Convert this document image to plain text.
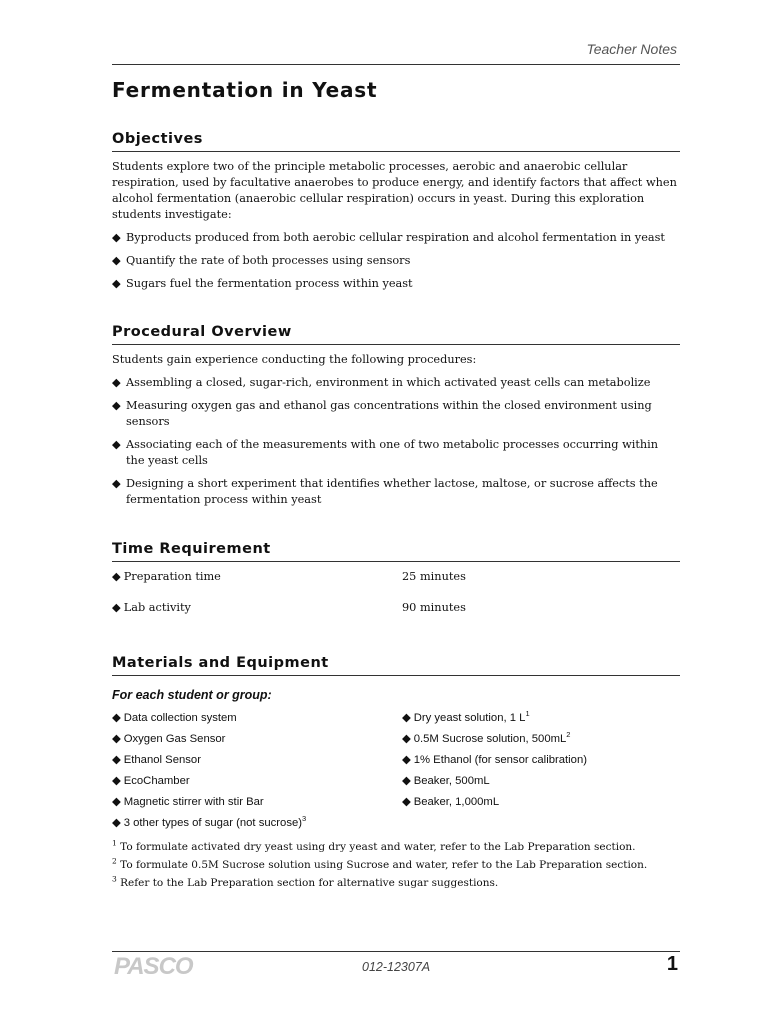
Teacher Notes
Fermentation in Yeast
Objectives

Students explore two of the principle metabolic processes, aerobic and anaerobic cellular respiration, used by facultative anaerobes to produce energy, and identify factors that affect when alcohol fermentation (anaerobic cellular respiration) occurs in yeast. During this exploration students investigate:

◆ Byproducts produced from both aerobic cellular respiration and alcohol fermentation in yeast
◆ Quantify the rate of both processes using sensors
◆ Sugars fuel the fermentation process within yeast
Procedural Overview

Students gain experience conducting the following procedures:

◆ Assembling a closed, sugar-rich, environment in which activated yeast cells can metabolize
◆ Measuring oxygen gas and ethanol gas concentrations within the closed environment using sensors
◆ Associating each of the measurements with one of two metabolic processes occurring within the yeast cells
◆ Designing a short experiment that identifies whether lactose, maltose, or sucrose affects the fermentation process within yeast
Time Requirement
◆ Preparation time	25 minutes
◆ Lab activity	90 minutes
Materials and Equipment

For each student or group:

◆ Data collection system
◆ Oxygen Gas Sensor
◆ Ethanol Sensor
◆ EcoChamber
◆ Magnetic stirrer with stir Bar
◆ 3 other types of sugar (not sucrose)$^3$
◆ Dry yeast solution, 1 $L^1$
◆ 0.5M Sucrose solution, $500mL^2$
◆ 1% Ethanol (for sensor calibration)
◆ Beaker, 500mL
◆ Beaker, 1,000mL
$^1$ To formulate activated dry yeast using dry yeast and water, refer to the Lab Preparation section.
$^2$ To formulate 0.5M Sucrose solution using Sucrose and water, refer to the Lab Preparation section.
$^3$ Refer to the Lab Preparation section for alternative sugar suggestions.
PASCO	012-12307A	1
